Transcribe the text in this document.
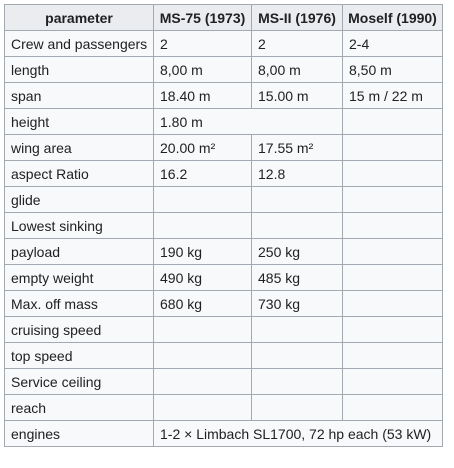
parameter	MS-75 (1973)	MS-II (1976)	Moself (1990)
Crew and passengers	2	2	2-4
length	8,00 m	8,00 m	8,50 m
span	18.40 m	15.00 m	15 m / 22 m
height	1.80 m		
wing area	20.00 m²	17.55 m²	
aspect Ratio	16.2	12.8	
glide			
Lowest sinking			
payload	190 kg	250 kg	
empty weight	490 kg	485 kg	
Max. off mass	680 kg	730 kg	
cruising speed			
top speed			
Service ceiling			
reach			
engines	1-2 × Limbach SL1700, 72 hp each (53 kW)		
